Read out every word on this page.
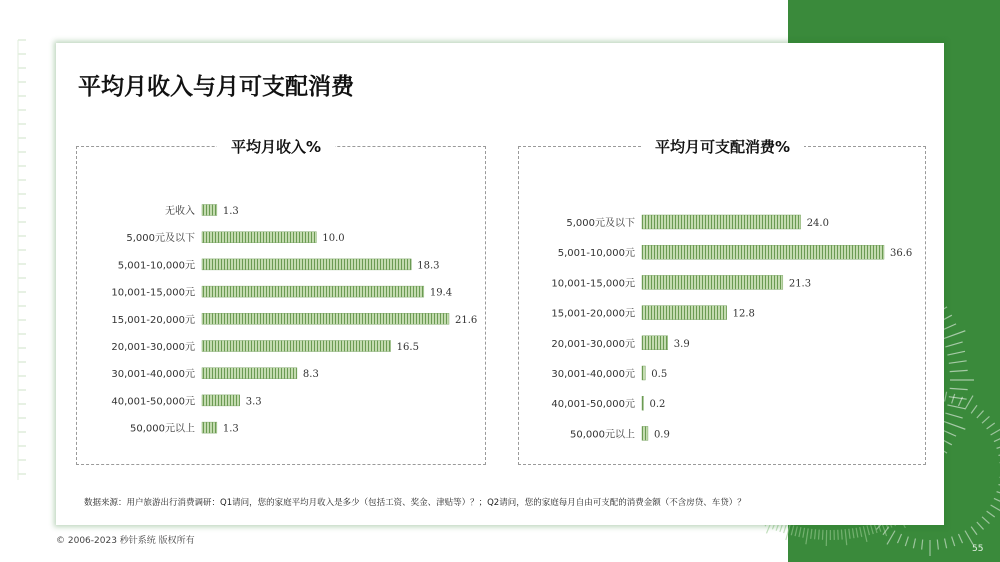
平均月收入与月可支配消费
平均月收入%
无收入	1.3
5,000元及以下	10.0
5,001-10,000元	18.3
10,001-15,000元	19.4
15,001-20,000元	21.6
20,001-30,000元	16.5
30,001-40,000元	8.3
40,001-50,000元	3.3
50,000元以上	1.3
平均月可支配消费%
5,000元及以下	24.0
5,001-10,000元	36.6
10,001-15,000元	21.3
15,001-20,000元	12.8
20,001-30,000元	3.9
30,001-40,000元 0.5
40,001-50,000元 0.2
50,000元以上 0.9
数据来源：用户旅游出行消费调研：Q1请问，您的家庭平均月收入是多少（包括工资、奖金、津贴等）？；Q2请问，您的家庭每月自由可支配的消费金额（不含房贷、车贷）？
© 2006-2023 秒针系统 版权所有
55
